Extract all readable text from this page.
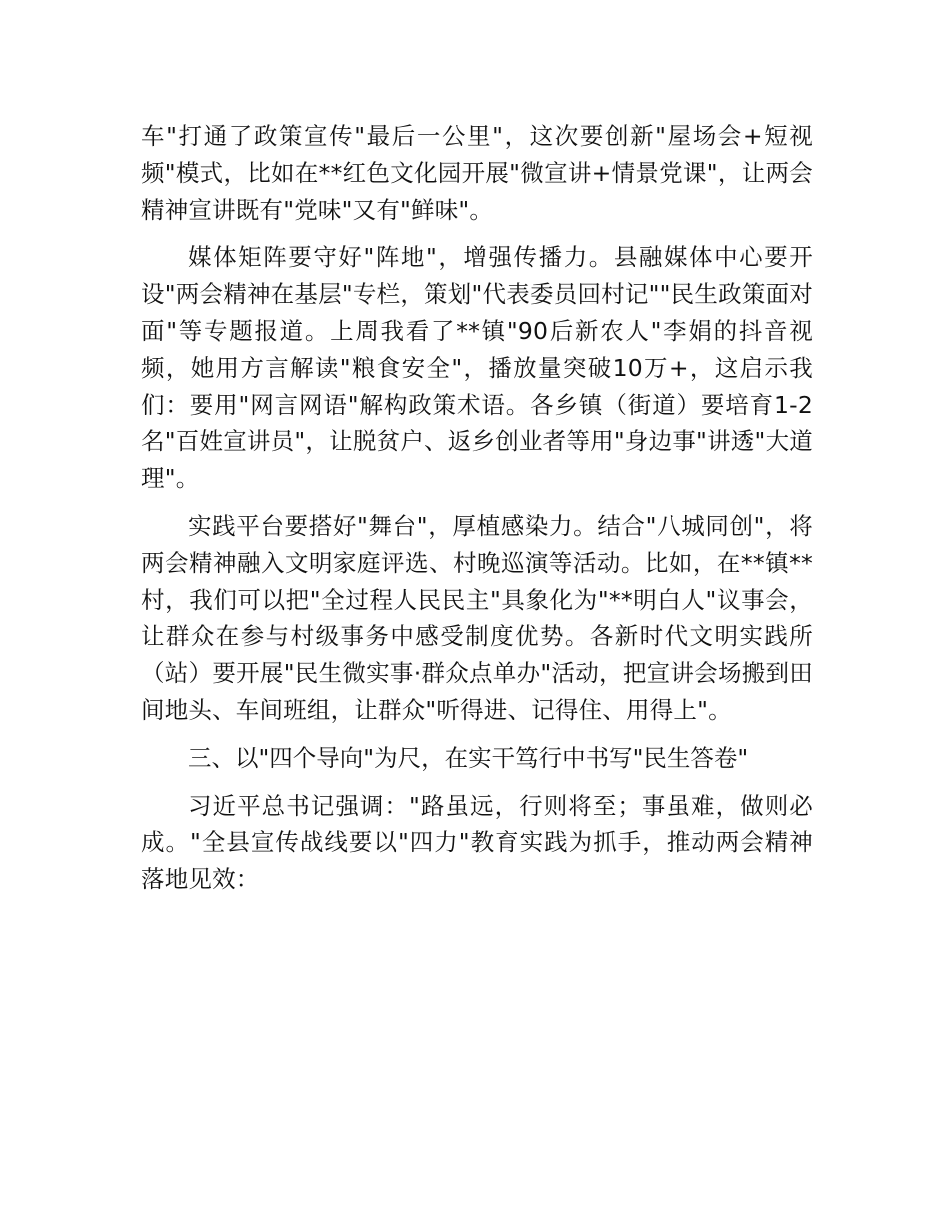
车"打通了政策宣传"最后一公里"，这次要创新"屋场会+短视频"模式，比如在**红色文化园开展"微宣讲+情景党课"，让两会精神宣讲既有"党味"又有"鲜味"。

媒体矩阵要守好"阵地"，增强传播力。县融媒体中心要开设"两会精神在基层"专栏，策划"代表委员回村记""民生政策面对面"等专题报道。上周我看了**镇"90后新农人"李娟的抖音视频，她用方言解读"粮食安全"，播放量突破10万+，这启示我们：要用"网言网语"解构政策术语。各乡镇（街道）要培育1-2名"百姓宣讲员"，让脱贫户、返乡创业者等用"身边事"讲透"大道理"。

实践平台要搭好"舞台"，厚植感染力。结合"八城同创"，将两会精神融入文明家庭评选、村晚巡演等活动。比如，在**镇**村，我们可以把"全过程人民民主"具象化为"**明白人"议事会，让群众在参与村级事务中感受制度优势。各新时代文明实践所（站）要开展"民生微实事·群众点单办"活动，把宣讲会场搬到田间地头、车间班组，让群众"听得进、记得住、用得上"。

三、以"四个导向"为尺，在实干笃行中书写"民生答卷"

习近平总书记强调："路虽远，行则将至；事虽难，做则必成。"全县宣传战线要以"四力"教育实践为抓手，推动两会精神落地见效：
